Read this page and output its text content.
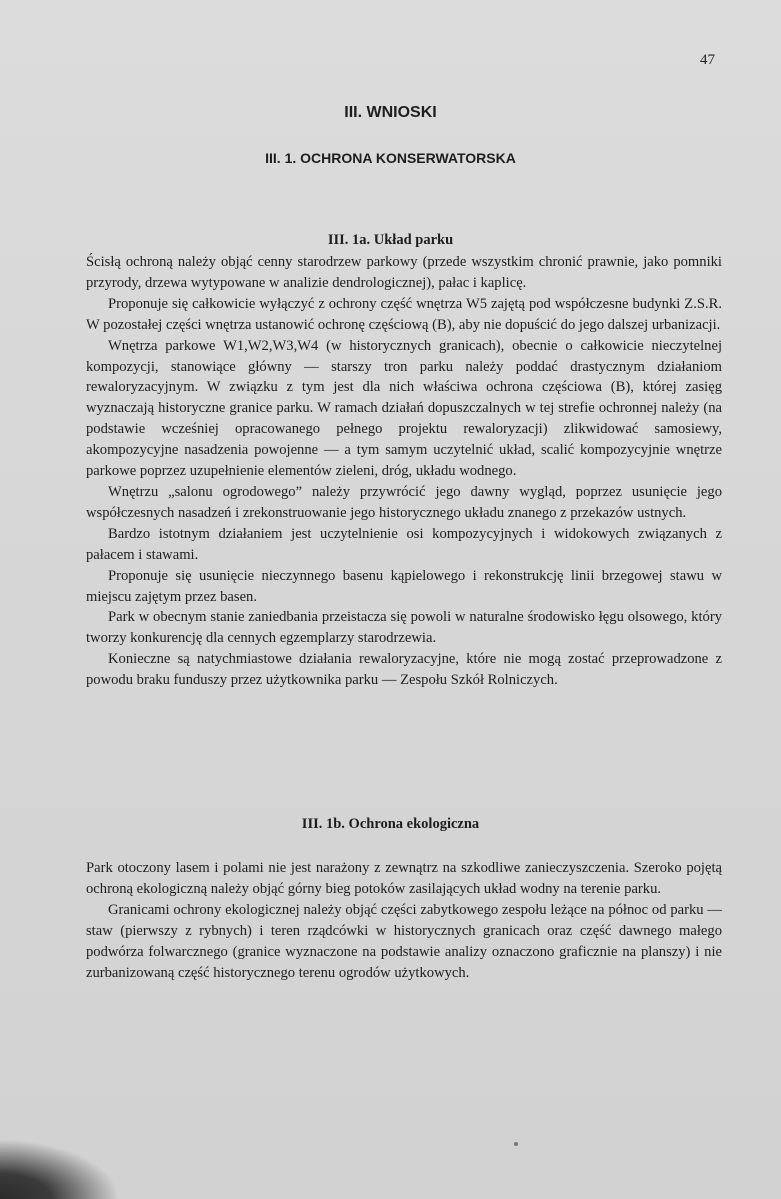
47
III. WNIOSKI
III. 1. OCHRONA KONSERWATORSKA
III. 1a. Układ parku

Ścisłą ochroną należy objąć cenny starodrzew parkowy (przede wszystkim chronić prawnie, jako pomniki przyrody, drzewa wytypowane w analizie dendrologicznej), pałac i kaplicę.

Proponuje się całkowicie wyłączyć z ochrony część wnętrza W5 zajętą pod współczesne budynki Z.S.R. W pozostałej części wnętrza ustanowić ochronę częściową (B), aby nie dopuścić do jego dalszej urbanizacji.

Wnętrza parkowe W1,W2,W3,W4 (w historycznych granicach), obecnie o całkowicie nieczytelnej kompozycji, stanowiące główny — starszy tron parku należy poddać drastycznym działaniom rewaloryzacyjnym. W związku z tym jest dla nich właściwa ochrona częściowa (B), której zasięg wyznaczają historyczne granice parku. W ramach działań dopuszczalnych w tej strefie ochronnej należy (na podstawie wcześniej opracowanego pełnego projektu rewaloryzacji) zlikwidować samosiewy, akompozycyjne nasadzenia powojenne — a tym samym uczytelnić układ, scalić kompozycyjnie wnętrze parkowe poprzez uzupełnienie elementów zieleni, dróg, układu wodnego.

Wnętrzu „salonu ogrodowego” należy przywrócić jego dawny wygląd, poprzez usunięcie jego współczesnych nasadzeń i zrekonstruowanie jego historycznego układu znanego z przekazów ustnych.

Bardzo istotnym działaniem jest uczytelnienie osi kompozycyjnych i widokowych związanych z pałacem i stawami.

Proponuje się usunięcie nieczynnego basenu kąpielowego i rekonstrukcję linii brzegowej stawu w miejscu zajętym przez basen.

Park w obecnym stanie zaniedbania przeistacza się powoli w naturalne środowisko łęgu olsowego, który tworzy konkurencję dla cennych egzemplarzy starodrzewia.

Konieczne są natychmiastowe działania rewaloryzacyjne, które nie mogą zostać przeprowadzone z powodu braku funduszy przez użytkownika parku — Zespołu Szkół Rolniczych.

III. 1b. Ochrona ekologiczna

Park otoczony lasem i polami nie jest narażony z zewnątrz na szkodliwe zanieczyszczenia. Szeroko pojętą ochroną ekologiczną należy objąć górny bieg potoków zasilających układ wodny na terenie parku.

Granicami ochrony ekologicznej należy objąć części zabytkowego zespołu leżące na północ od parku — staw (pierwszy z rybnych) i teren rządcówki w historycznych granicach oraz część dawnego małego podwórza folwarcznego (granice wyznaczone na podstawie analizy oznaczono graficznie na planszy) i nie zurbanizowaną część historycznego terenu ogrodów użytkowych.
